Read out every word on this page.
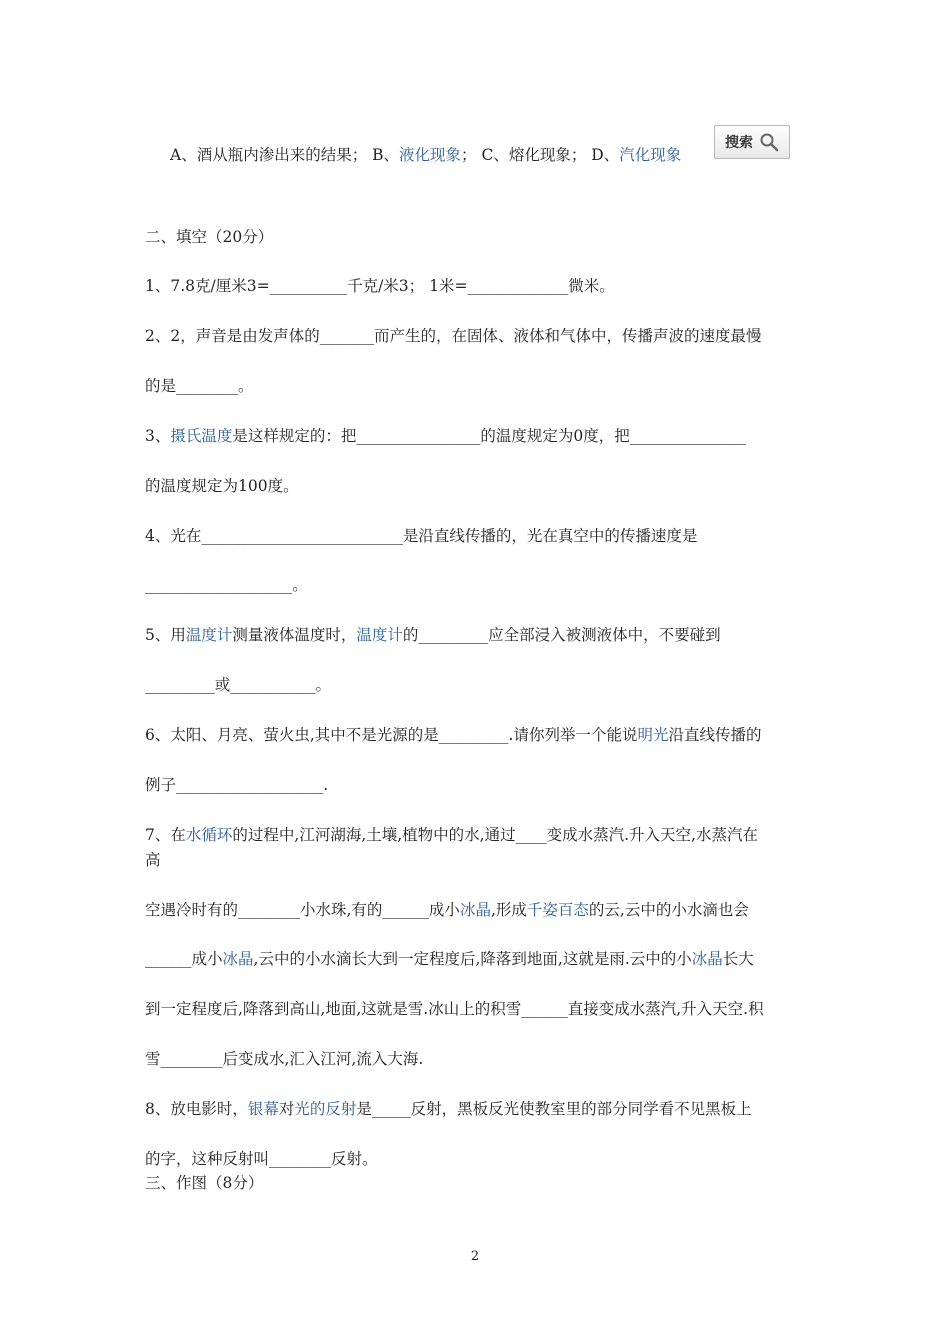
A、酒从瓶内渗出来的结果； B、液化现象； C、熔化现象； D、汽化现象
搜索
二、填空（20分）
1、7.8克/厘米3=__________千克/米3； 1米=_____________微米。
2、2，声音是由发声体的_______而产生的，在固体、液体和气体中，传播声波的速度最慢
的是________。
3、摄氏温度是这样规定的：把________________的温度规定为0度，把_______________
的温度规定为100度。
4、光在__________________________是沿直线传播的，光在真空中的传播速度是
___________________。
5、用温度计测量液体温度时，温度计的_________应全部浸入被测液体中，不要碰到
_________或___________。
6、太阳、月亮、萤火虫,其中不是光源的是_________.请你列举一个能说明光沿直线传播的
例子___________________.
7、在水循环的过程中,江河湖海,土壤,植物中的水,通过____变成水蒸汽.升入天空,水蒸汽在
高
空遇冷时有的________小水珠,有的______成小冰晶,形成千姿百态的云,云中的小水滴也会
______成小冰晶,云中的小水滴长大到一定程度后,降落到地面,这就是雨.云中的小冰晶长大
到一定程度后,降落到高山,地面,这就是雪.冰山上的积雪______直接变成水蒸汽,升入天空.积
雪________后变成水,汇入江河,流入大海.
8、放电影时，银幕对光的反射是_____反射，黑板反光使教室里的部分同学看不见黑板上
的字，这种反射叫________反射。
三、作图（8分）
2
